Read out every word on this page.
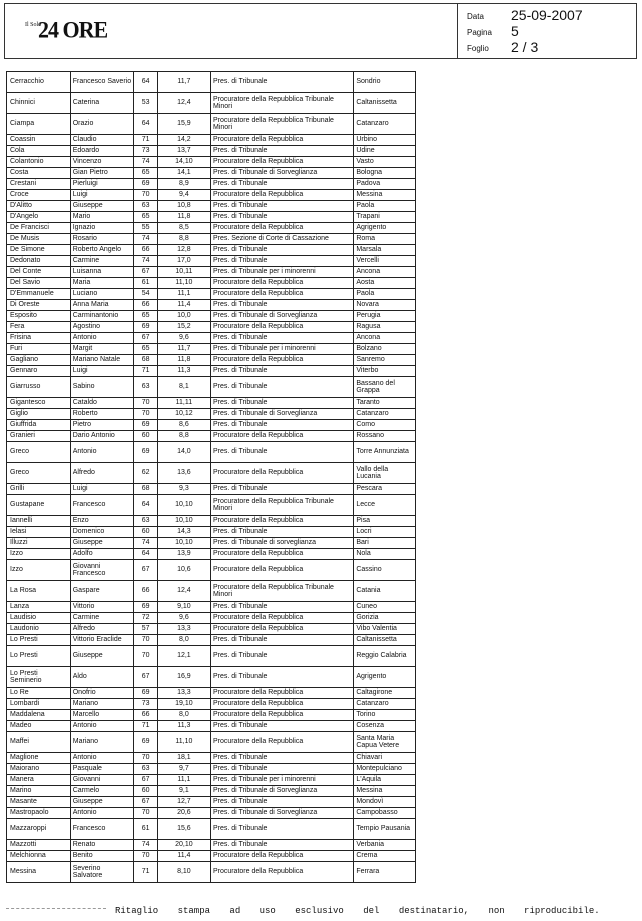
Il Sole
24 ORE	Data	25-09-2007
Pagina	5
Foglio	2 / 3
Cerracchio	Francesco Saverio	64	11,7	Pres. di Tribunale	Sondrio
Chinnici	Caterina	53	12,4	Procuratore della Repubblica Tribunale Minori	Caltanissetta
Ciampa	Orazio	64	15,9	Procuratore della Repubblica Tribunale Minori	Catanzaro
Coassin	Claudio	71	14,2	Procuratore della Repubblica	Urbino
Cola	Edoardo	73	13,7	Pres. di Tribunale	Udine
Colantonio	Vincenzo	74	14,10	Procuratore della Repubblica	Vasto
Costa	Gian Pietro	65	14,1	Pres. di Tribunale di Sorveglianza	Bologna
Crestani	Pierluigi	69	8,9	Pres. di Tribunale	Padova
Croce	Luigi	70	9,4	Procuratore della Repubblica	Messina
D'Alitto	Giuseppe	63	10,8	Pres. di Tribunale	Paola
D'Angelo	Mario	65	11,8	Pres. di Tribunale	Trapani
De Francisci	Ignazio	55	8,5	Procuratore della Repubblica	Agrigento
De Musis	Rosario	74	8,8	Pres. Sezione di Corte di Cassazione	Roma
De Simone	Roberto Angelo	66	12,8	Pres. di Tribunale	Marsala
Dedonato	Carmine	74	17,0	Pres. di Tribunale	Vercelli
Del Conte	Luisanna	67	10,11	Pres. di Tribunale per i minorenni	Ancona
Del Savio	Maria	61	11,10	Procuratore della Repubblica	Aosta
D'Emmanuele	Luciano	54	11,1	Procuratore della Repubblica	Paola
Di Oreste	Anna Maria	66	11,4	Pres. di Tribunale	Novara
Esposito	Carminantonio	65	10,0	Pres. di Tribunale di Sorveglianza	Perugia
Fera	Agostino	69	15,2	Procuratore della Repubblica	Ragusa
Frisina	Antonio	67	9,6	Pres. di Tribunale	Ancona
Furi	Margit	65	11,7	Pres. di Tribunale per i minorenni	Bolzano
Gagliano	Mariano Natale	68	11,8	Procuratore della Repubblica	Sanremo
Gennaro	Luigi	71	11,3	Pres. di Tribunale	Viterbo
Giarrusso	Sabino	63	8,1	Pres. di Tribunale	Bassano del Grappa
Gigantesco	Cataldo	70	11,11	Pres. di Tribunale	Taranto
Giglio	Roberto	70	10,12	Pres. di Tribunale di Sorveglianza	Catanzaro
Giuffrida	Pietro	69	8,6	Pres. di Tribunale	Como
Granieri	Dario Antonio	60	8,8	Procuratore della Repubblica	Rossano
Greco	Antonio	69	14,0	Pres. di Tribunale	Torre Annunziata
Greco	Alfredo	62	13,6	Procuratore della Repubblica	Vallo della Lucania
Grilli	Luigi	68	9,3	Pres. di Tribunale	Pescara
Gustapane	Francesco	64	10,10	Procuratore della Repubblica Tribunale Minori	Lecce
Iannelli	Enzo	63	10,10	Procuratore della Repubblica	Pisa
Ielasi	Domenico	60	14,3	Pres. di Tribunale	Locri
Illuzzi	Giuseppe	74	10,10	Pres. di Tribunale di sorveglianza	Bari
Izzo	Adolfo	64	13,9	Procuratore della Repubblica	Nola
Izzo	Giovanni Francesco	67	10,6	Procuratore della Repubblica	Cassino
La Rosa	Gaspare	66	12,4	Procuratore della Repubblica Tribunale Minori	Catania
Lanza	Vittorio	69	9,10	Pres. di Tribunale	Cuneo
Laudisio	Carmine	72	9,6	Procuratore della Repubblica	Gorizia
Laudonio	Alfredo	57	13,3	Procuratore della Repubblica	Vibo Valentia
Lo Presti	Vittorio Eraclide	70	8,0	Pres. di Tribunale	Caltanissetta
Lo Presti	Giuseppe	70	12,1	Pres. di Tribunale	Reggio Calabria
Lo Presti Seminerio	Aldo	67	16,9	Pres. di Tribunale	Agrigento
Lo Re	Onofrio	69	13,3	Procuratore della Repubblica	Caltagirone
Lombardi	Mariano	73	19,10	Procuratore della Repubblica	Catanzaro
Maddalena	Marcello	66	8,0	Procuratore della Repubblica	Torino
Madeo	Antonio	71	11,3	Pres. di Tribunale	Cosenza
Maffei	Mariano	69	11,10	Procuratore della Repubblica	Santa Maria Capua Vetere
Maglione	Antonio	70	18,1	Pres. di Tribunale	Chiavari
Maiorano	Pasquale	63	9,7	Pres. di Tribunale	Montepulciano
Manera	Giovanni	67	11,1	Pres. di Tribunale per i minorenni	L'Aquila
Marino	Carmelo	60	9,1	Pres. di Tribunale di Sorveglianza	Messina
Masante	Giuseppe	67	12,7	Pres. di Tribunale	Mondovì
Mastropaolo	Antonio	70	20,6	Pres. di Tribunale di Sorveglianza	Campobasso
Mazzaroppi	Francesco	61	15,6	Pres. di Tribunale	Tempio Pausania
Mazzotti	Renato	74	20,10	Pres. di Tribunale	Verbania
Melchionna	Benito	70	11,4	Procuratore della Repubblica	Crema
Messina	Severino Salvatore	71	8,10	Procuratore della Repubblica	Ferrara
Ritaglio stampa ad uso esclusivo del destinatario, non riproducibile.
